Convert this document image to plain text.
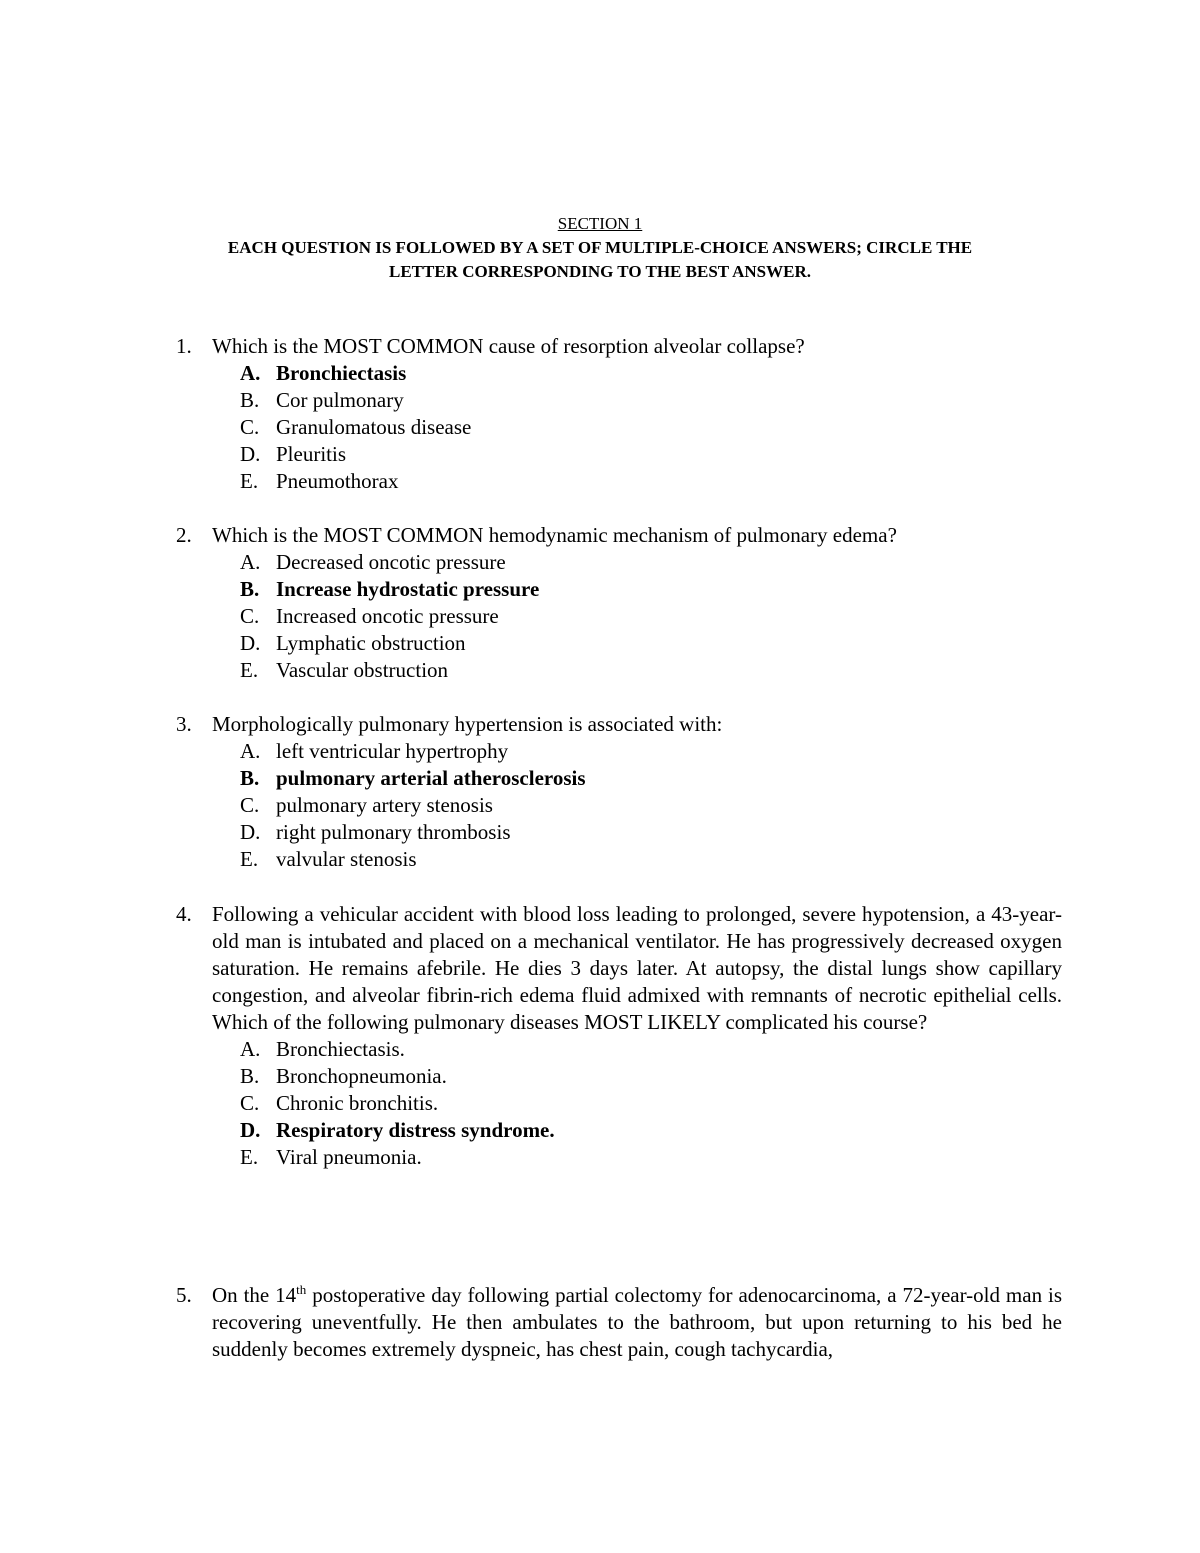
SECTION 1
EACH QUESTION IS FOLLOWED BY A SET OF MULTIPLE-CHOICE ANSWERS; CIRCLE THE
LETTER CORRESPONDING TO THE BEST ANSWER.
1. Which is the MOST COMMON cause of resorption alveolar collapse?
A. Bronchiectasis
B. Cor pulmonary
C. Granulomatous disease
D. Pleuritis
E. Pneumothorax
2. Which is the MOST COMMON hemodynamic mechanism of pulmonary edema?
A. Decreased oncotic pressure
B. Increase hydrostatic pressure
C. Increased oncotic pressure
D. Lymphatic obstruction
E. Vascular obstruction
3. Morphologically pulmonary hypertension is associated with:
A. left ventricular hypertrophy
B. pulmonary arterial atherosclerosis
C. pulmonary artery stenosis
D. right pulmonary thrombosis
E. valvular stenosis
4. Following a vehicular accident with blood loss leading to prolonged, severe hypotension, a 43-year-old man is intubated and placed on a mechanical ventilator. He has progressively decreased oxygen saturation. He remains afebrile. He dies 3 days later. At autopsy, the distal lungs show capillary congestion, and alveolar fibrin-rich edema fluid admixed with remnants of necrotic epithelial cells. Which of the following pulmonary diseases MOST LIKELY complicated his course?
A. Bronchiectasis.
B. Bronchopneumonia.
C. Chronic bronchitis.
D. Respiratory distress syndrome.
E. Viral pneumonia.
5. On the 14th postoperative day following partial colectomy for adenocarcinoma, a 72-year-old man is recovering uneventfully. He then ambulates to the bathroom, but upon returning to his bed he suddenly becomes extremely dyspneic, has chest pain, cough tachycardia,
